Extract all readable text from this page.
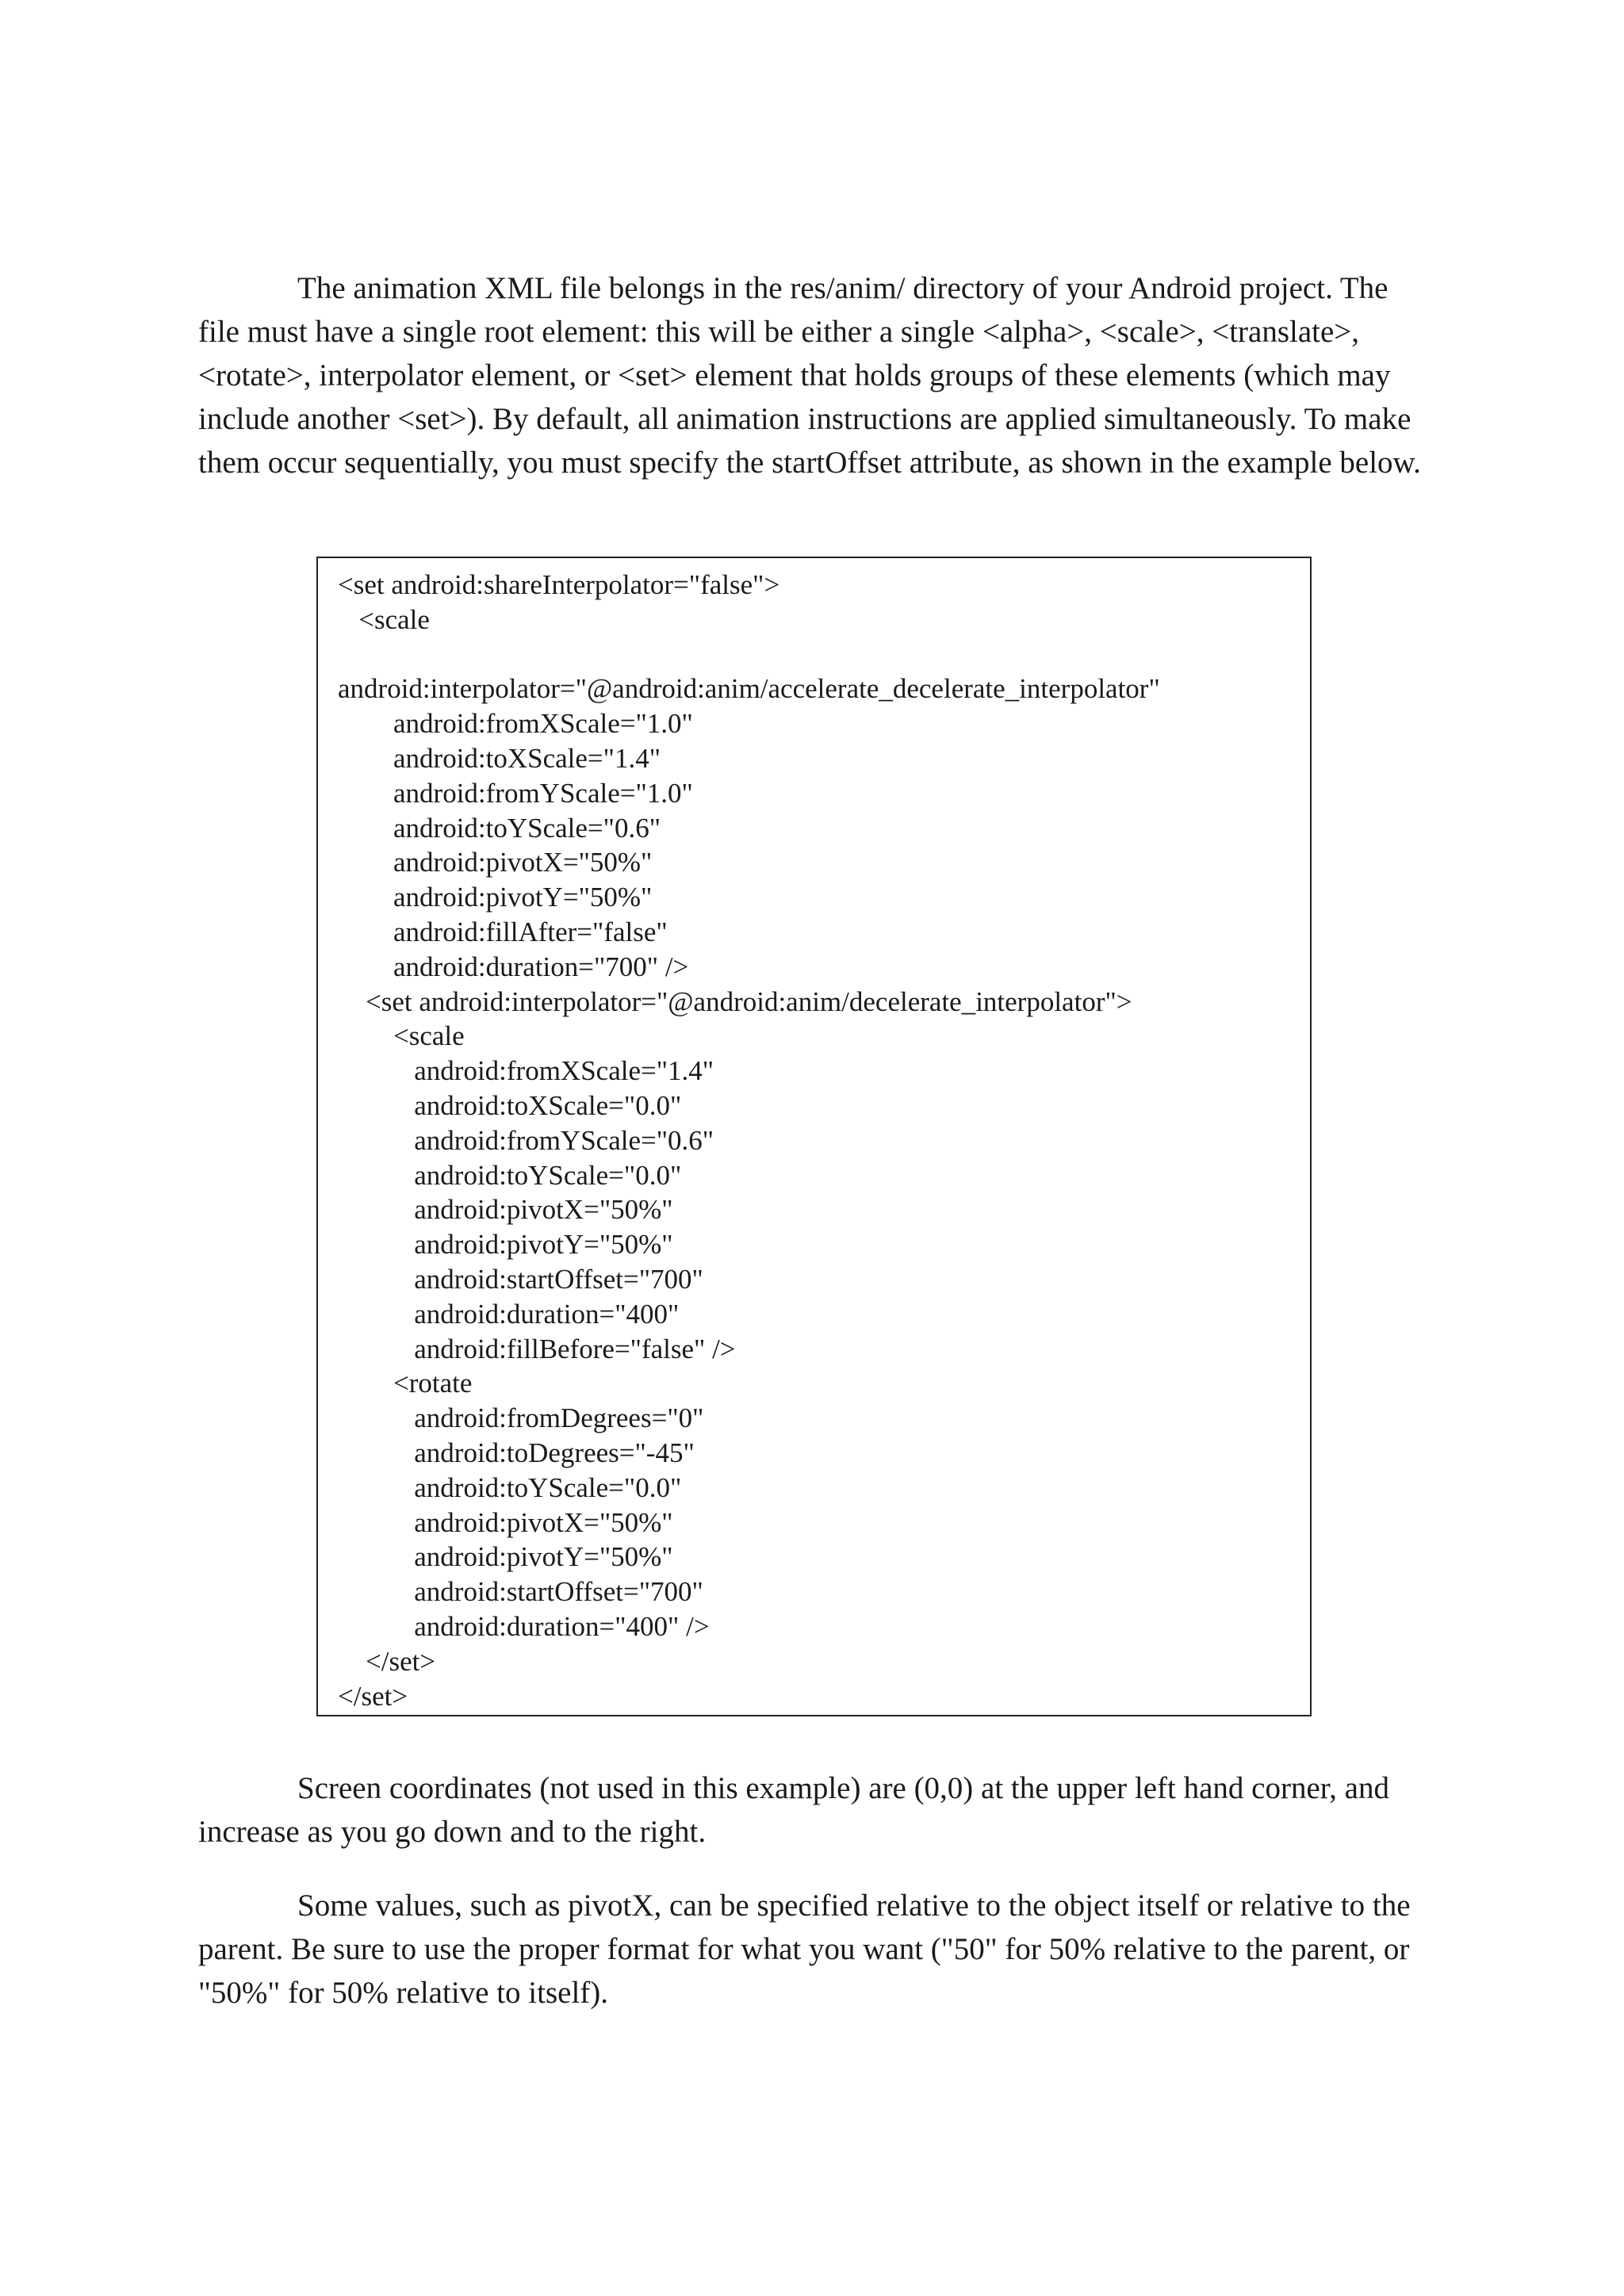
The animation XML file belongs in the res/anim/ directory of your Android project. The file must have a single root element: this will be either a single <alpha>, <scale>, <translate>, <rotate>, interpolator element, or <set> element that holds groups of these elements (which may include another <set>). By default, all animation instructions are applied simultaneously. To make them occur sequentially, you must specify the startOffset attribute, as shown in the example below.

<set android:shareInterpolator="false">
<scale
android:interpolator="@android:anim/accelerate_decelerate_interpolator"
android:fromXScale="1.0"
android:toXScale="1.4"
android:fromYScale="1.0"
android:toYScale="0.6"
android:pivotX="50%"
android:pivotY="50%"
android:fillAfter="false"
android:duration="700" />
<set android:interpolator="@android:anim/decelerate_interpolator">
<scale
android:fromXScale="1.4"
android:toXScale="0.0"
android:fromYScale="0.6"
android:toYScale="0.0"
android:pivotX="50%"
android:pivotY="50%"
android:startOffset="700"
android:duration="400"
android:fillBefore="false" />
<rotate
android:fromDegrees="0"
android:toDegrees="-45"
android:toYScale="0.0"
android:pivotX="50%"
android:pivotY="50%"
android:startOffset="700"
android:duration="400" />
</set>
</set>

Screen coordinates (not used in this example) are (0,0) at the upper left hand corner, and increase as you go down and to the right.

Some values, such as pivotX, can be specified relative to the object itself or relative to the parent. Be sure to use the proper format for what you want ("50" for 50% relative to the parent, or "50%" for 50% relative to itself).
